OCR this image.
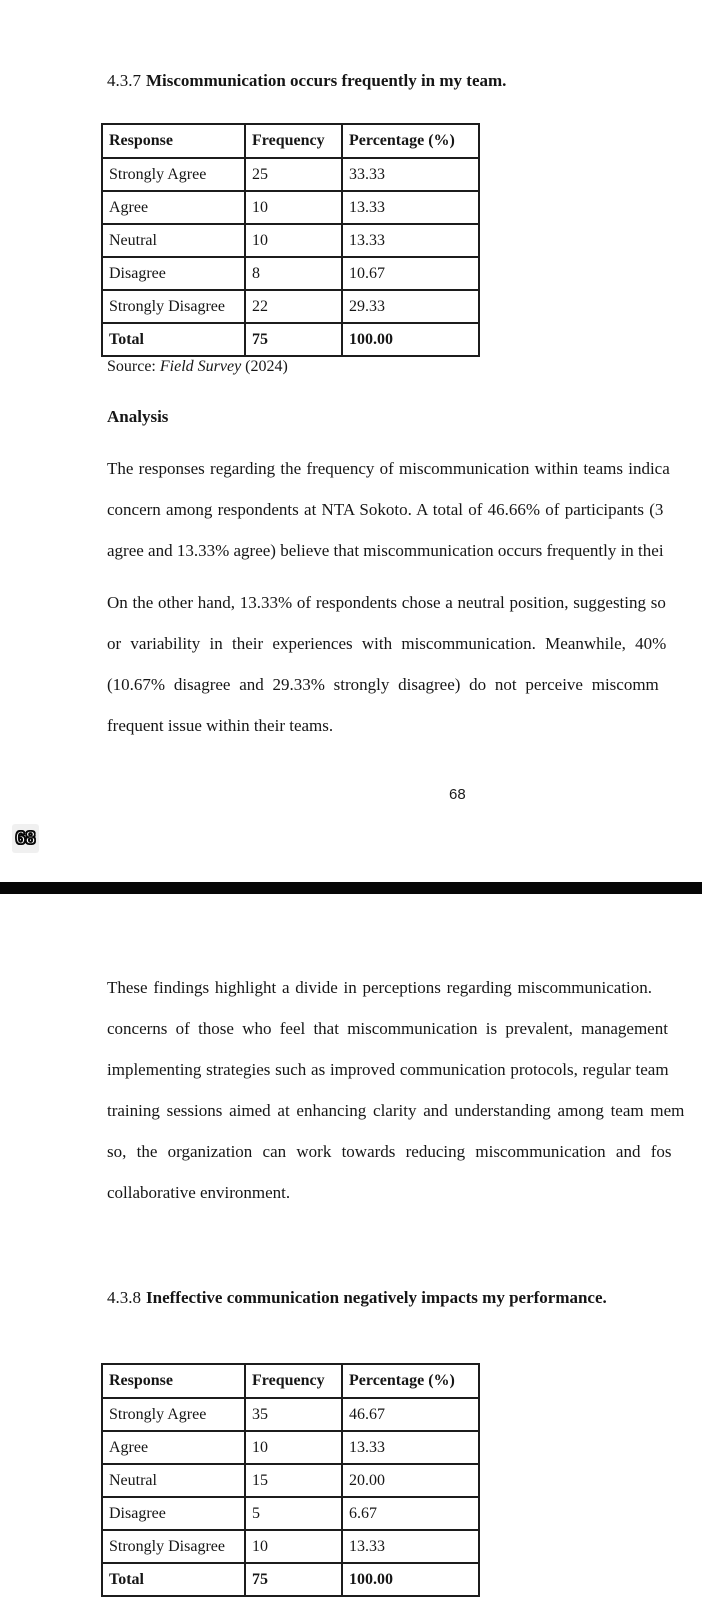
4.3.7 Miscommunication occurs frequently in my team.
Response	Frequency	Percentage (%)
Strongly Agree	25	33.33
Agree	10	13.33
Neutral	10	13.33
Disagree	8	10.67
Strongly Disagree	22	29.33
Total	75	100.00
Source: Field Survey (2024)
Analysis
The responses regarding the frequency of miscommunication within teams indica
concern among respondents at NTA Sokoto. A total of 46.66% of participants (3
agree and 13.33% agree) believe that miscommunication occurs frequently in thei
On the other hand, 13.33% of respondents chose a neutral position, suggesting so
or variability in their experiences with miscommunication. Meanwhile, 40%
(10.67% disagree and 29.33% strongly disagree) do not perceive miscomm
frequent issue within their teams.
68
68
These findings highlight a divide in perceptions regarding miscommunication.
concerns of those who feel that miscommunication is prevalent, management
implementing strategies such as improved communication protocols, regular team
training sessions aimed at enhancing clarity and understanding among team mem
so, the organization can work towards reducing miscommunication and fos
collaborative environment.
4.3.8 Ineffective communication negatively impacts my performance.
Response	Frequency	Percentage (%)
Strongly Agree	35	46.67
Agree	10	13.33
Neutral	15	20.00
Disagree	5	6.67
Strongly Disagree	10	13.33
Total	75	100.00
